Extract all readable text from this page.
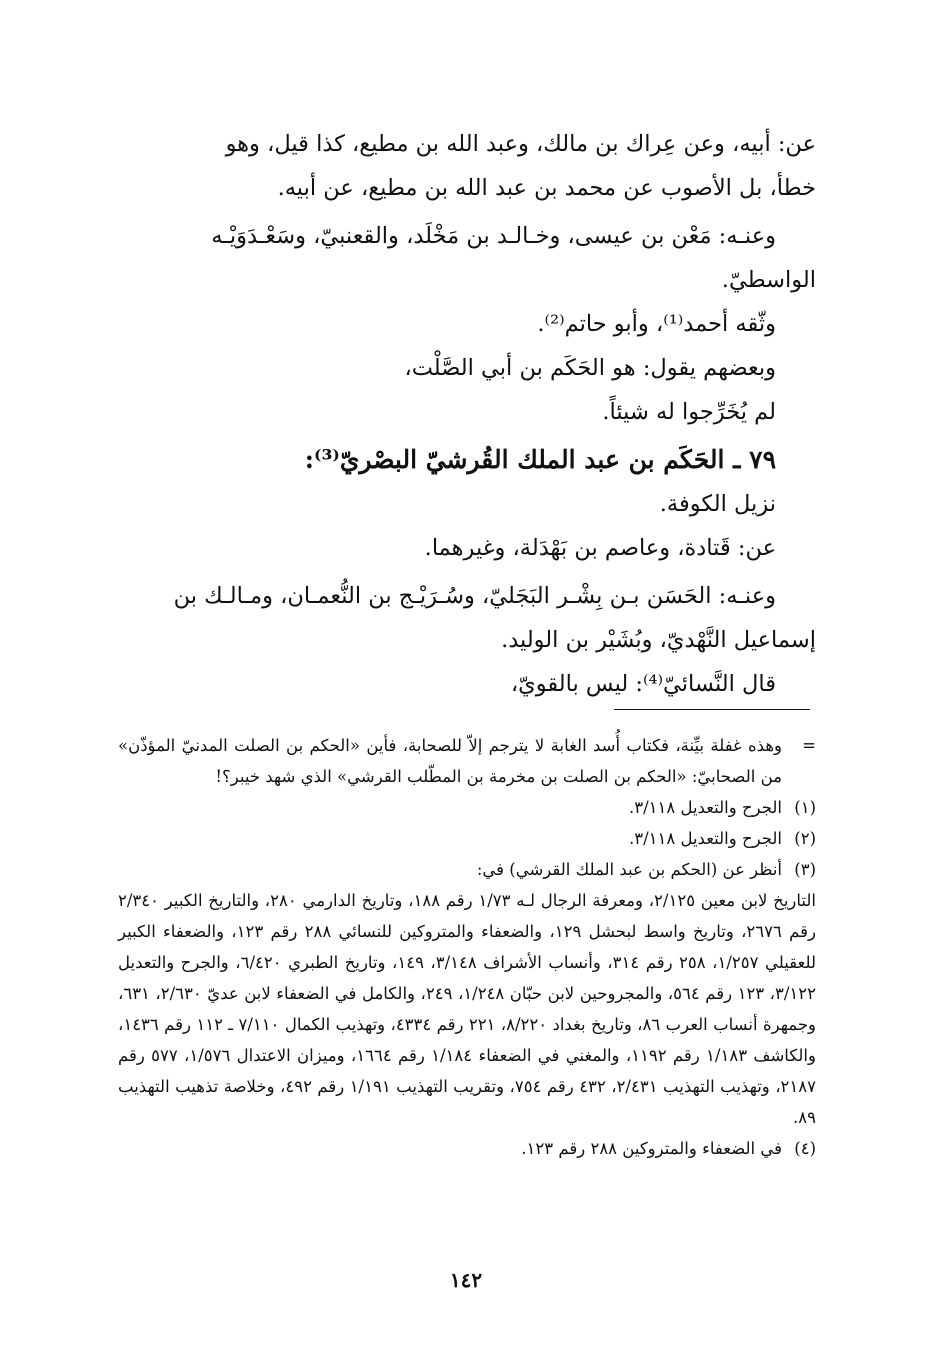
عن: أبيه، وعن عِراك بن مالك، وعبد الله بن مطيع، كذا قيل، وهو

خطأ، بل الأصوب عن محمد بن عبد الله بن مطيع، عن أبيه.

وعنـه: مَعْن بن عيسى، وخـالـد بن مَخْلَد، والقعنبيّ، وسَعْـدَوَيْـه

الواسطيّ.

وثّقه أحمد⁽¹⁾، وأبو حاتم⁽²⁾.

وبعضهم يقول: هو الحَكَم بن أبي الصَّلْت،

لم يُخَرِّجوا له شيئاً.

٧٩ ـ الحَكَم بن عبد الملك القُرشيّ البصْريّ⁽³⁾:

نزيل الكوفة.

عن: قَتادة، وعاصم بن بَهْدَلة، وغيرهما.

وعنـه: الحَسَن بـن بِشْـر البَجَليّ، وسُـرَيْـج بن النُّعمـان، ومـالـك بن

إسماعيل النَّهْديّ، وبُشَيْر بن الوليد.

قال النَّسائيّ⁽⁴⁾: ليس بالقويّ،

=
وهذه غفلة بيِّنة، فكتاب أُسد الغابة لا يترجم إلاّ للصحابة، فأين «الحكم بن الصلت المدنيّ المؤذّن» من الصحابيّ: «الحكم بن الصلت بن مخرمة بن المطّلب القرشي» الذي شهد خيبر؟!
(١)
الجرح والتعديل ٣/١١٨.
(٢)
الجرح والتعديل ٣/١١٨.
(٣)
أنظر عن (الحكم بن عبد الملك القرشي) في:
التاريخ لابن معين ٢/١٢٥، ومعرفة الرجال لـه ١/٧٣ رقم ١٨٨، وتاريخ الدارمي ٢٨٠، والتاريخ الكبير ٢/٣٤٠ رقم ٢٦٧٦، وتاريخ واسط لبحشل ١٢٩، والضعفاء والمتروكين للنسائي ٢٨٨ رقم ١٢٣، والضعفاء الكبير للعقيلي ١/٢٥٧، ٢٥٨ رقم ٣١٤، وأنساب الأشراف ٣/١٤٨، ١٤٩، وتاريخ الطبري ٦/٤٢٠، والجرح والتعديل ٣/١٢٢، ١٢٣ رقم ٥٦٤، والمجروحين لابن حبّان ١/٢٤٨، ٢٤٩، والكامل في الضعفاء لابن عديّ ٢/٦٣٠، ٦٣١، وجمهرة أنساب العرب ٨٦، وتاريخ بغداد ٨/٢٢٠، ٢٢١ رقم ٤٣٣٤، وتهذيب الكمال ٧/١١٠ ـ ١١٢ رقم ١٤٣٦، والكاشف ١/١٨٣ رقم ١١٩٢، والمغني في الضعفاء ١/١٨٤ رقم ١٦٦٤، وميزان الاعتدال ١/٥٧٦، ٥٧٧ رقم ٢١٨٧، وتهذيب التهذيب ٢/٤٣١، ٤٣٢ رقم ٧٥٤، وتقريب التهذيب ١/١٩١ رقم ٤٩٢، وخلاصة تذهيب التهذيب ٨٩.
(٤)
في الضعفاء والمتروكين ٢٨٨ رقم ١٢٣.
١٤٢
